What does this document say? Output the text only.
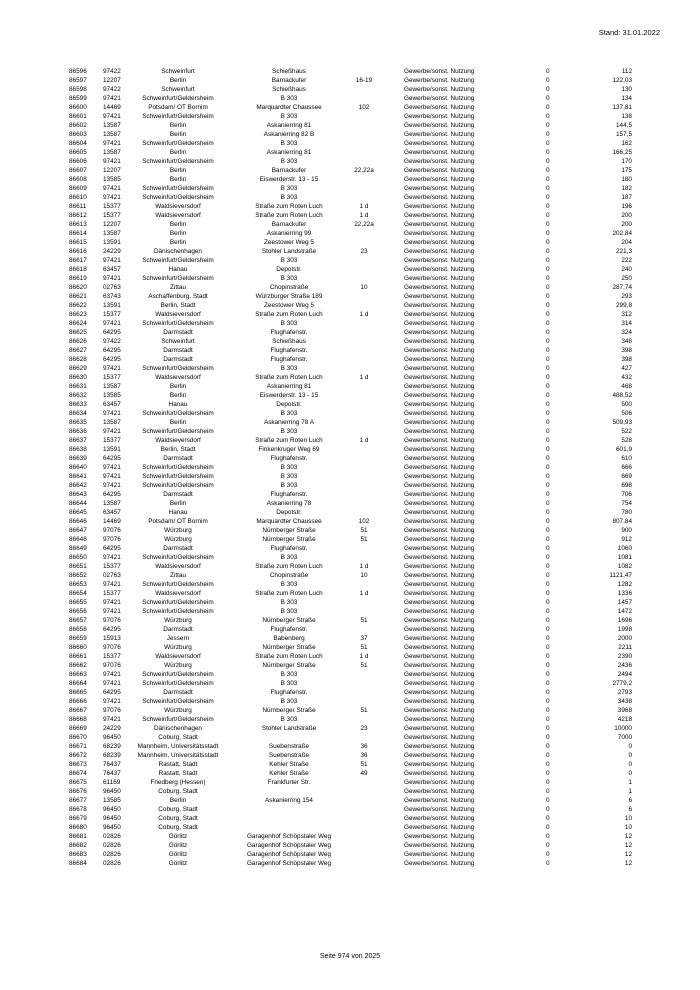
Stand: 31.01.2022
86596	97422	Schweinfurt	Schießhaus	Gewerbe/sonst. Nutzung	0	112
86597	12207	Berlin	Barnackufer	16-19	Gewerbe/sonst. Nutzung	0	122,03
86598	97422	Schweinfurt	Schießhaus	Gewerbe/sonst. Nutzung	0	130
86599	97421	Schweinfurt/Geldersheim	B 303	Gewerbe/sonst. Nutzung	0	134
86600	14469	Potsdam/ OT Bornim	Marquardter Chaussee	102	Gewerbe/sonst. Nutzung	0	137,81
86601	97421	Schweinfurt/Geldersheim	B 303	Gewerbe/sonst. Nutzung	0	138
86602	13587	Berlin	Askanierring 81	Gewerbe/sonst. Nutzung	0	144,5
86603	13587	Berlin	Askanierring 82 B	Gewerbe/sonst. Nutzung	0	157,5
86604	97421	Schweinfurt/Geldersheim	B 303	Gewerbe/sonst. Nutzung	0	162
86605	13587	Berlin	Askanierring 81	Gewerbe/sonst. Nutzung	0	166,25
86606	97421	Schweinfurt/Geldersheim	B 303	Gewerbe/sonst. Nutzung	0	170
86607	12207	Berlin	Barnackufer	22,22a	Gewerbe/sonst. Nutzung	0	175
86608	13585	Berlin	Eiswerderstr. 13 - 15	Gewerbe/sonst. Nutzung	0	180
86609	97421	Schweinfurt/Geldersheim	B 303	Gewerbe/sonst. Nutzung	0	182
86610	97421	Schweinfurt/Geldersheim	B 303	Gewerbe/sonst. Nutzung	0	187
86611	15377	Waldsieversdorf	Straße zum Roten Luch	1 d	Gewerbe/sonst. Nutzung	0	196
86612	15377	Waldsieversdorf	Straße zum Roten Luch	1 d	Gewerbe/sonst. Nutzung	0	200
86613	12207	Berlin	Barnackufer	22,22a	Gewerbe/sonst. Nutzung	0	200
86614	13587	Berlin	Askanierring 99	Gewerbe/sonst. Nutzung	0	202,84
86615	13591	Berlin	Zeestower Weg 5	Gewerbe/sonst. Nutzung	0	204
86616	24229	Dänischenhagen	Stohler Landstraße	23	Gewerbe/sonst. Nutzung	0	221,3
86617	97421	Schweinfurt/Geldersheim	B 303	Gewerbe/sonst. Nutzung	0	222
86618	63457	Hanau	Depotstr.	Gewerbe/sonst. Nutzung	0	240
86619	97421	Schweinfurt/Geldersheim	B 303	Gewerbe/sonst. Nutzung	0	250
86620	02763	Zittau	Chopinstraße	10	Gewerbe/sonst. Nutzung	0	287,74
86621	63743	Aschaffenburg, Stadt	Würzburger Straße 189	Gewerbe/sonst. Nutzung	0	293
86622	13591	Berlin, Stadt	Zeestower Weg 5	Gewerbe/sonst. Nutzung	0	299,8
86623	15377	Waldsieversdorf	Straße zum Roten Luch	1 d	Gewerbe/sonst. Nutzung	0	312
86624	97421	Schweinfurt/Geldersheim	B 303	Gewerbe/sonst. Nutzung	0	314
86625	64295	Darmstadt	Flughafenstr.	Gewerbe/sonst. Nutzung	0	324
86626	97422	Schweinfurt	Schießhaus	Gewerbe/sonst. Nutzung	0	348
86627	64295	Darmstadt	Flughafenstr.	Gewerbe/sonst. Nutzung	0	398
86628	64295	Darmstadt	Flughafenstr.	Gewerbe/sonst. Nutzung	0	398
86629	97421	Schweinfurt/Geldersheim	B 303	Gewerbe/sonst. Nutzung	0	427
86630	15377	Waldsieversdorf	Straße zum Roten Luch	1 d	Gewerbe/sonst. Nutzung	0	432
86631	13587	Berlin	Askanierring 81	Gewerbe/sonst. Nutzung	0	468
86632	13585	Berlin	Eiswerderstr. 13 - 15	Gewerbe/sonst. Nutzung	0	488,52
86633	63457	Hanau	Depotstr.	Gewerbe/sonst. Nutzung	0	500
86634	97421	Schweinfurt/Geldersheim	B 303	Gewerbe/sonst. Nutzung	0	506
86635	13587	Berlin	Askanierring 78 A	Gewerbe/sonst. Nutzung	0	509,93
86636	97421	Schweinfurt/Geldersheim	B 303	Gewerbe/sonst. Nutzung	0	522
86637	15377	Waldsieversdorf	Straße zum Roten Luch	1 d	Gewerbe/sonst. Nutzung	0	528
86638	13591	Berlin, Stadt	Finkenkruger Weg 69	Gewerbe/sonst. Nutzung	0	601,9
86639	64295	Darmstadt	Flughafenstr.	Gewerbe/sonst. Nutzung	0	610
86640	97421	Schweinfurt/Geldersheim	B 303	Gewerbe/sonst. Nutzung	0	666
86641	97421	Schweinfurt/Geldersheim	B 303	Gewerbe/sonst. Nutzung	0	669
86642	97421	Schweinfurt/Geldersheim	B 303	Gewerbe/sonst. Nutzung	0	698
86643	64295	Darmstadt	Flughafenstr.	Gewerbe/sonst. Nutzung	0	706
86644	13587	Berlin	Askanierring 78	Gewerbe/sonst. Nutzung	0	754
86645	63457	Hanau	Depotstr.	Gewerbe/sonst. Nutzung	0	780
86646	14469	Potsdam/ OT Bornim	Marquardter Chaussee	102	Gewerbe/sonst. Nutzung	0	807,84
86647	97076	Würzburg	Nürnberger Straße	51	Gewerbe/sonst. Nutzung	0	900
86648	97076	Würzburg	Nürnberger Straße	51	Gewerbe/sonst. Nutzung	0	912
86649	64295	Darmstadt	Flughafenstr.	Gewerbe/sonst. Nutzung	0	1060
86650	97421	Schweinfurt/Geldersheim	B 303	Gewerbe/sonst. Nutzung	0	1081
86651	15377	Waldsieversdorf	Straße zum Roten Luch	1 d	Gewerbe/sonst. Nutzung	0	1082
86652	02763	Zittau	Chopinstraße	10	Gewerbe/sonst. Nutzung	0	1121,47
86653	97421	Schweinfurt/Geldersheim	B 303	Gewerbe/sonst. Nutzung	0	1282
86654	15377	Waldsieversdorf	Straße zum Roten Luch	1 d	Gewerbe/sonst. Nutzung	0	1336
86655	97421	Schweinfurt/Geldersheim	B 303	Gewerbe/sonst. Nutzung	0	1457
86656	97421	Schweinfurt/Geldersheim	B 303	Gewerbe/sonst. Nutzung	0	1472
86657	97076	Würzburg	Nürnberger Straße	51	Gewerbe/sonst. Nutzung	0	1696
86658	64295	Darmstadt	Flughafenstr.	Gewerbe/sonst. Nutzung	0	1998
86659	15913	Jessern	Babenberg	37	Gewerbe/sonst. Nutzung	0	2000
86660	97076	Würzburg	Nürnberger Straße	51	Gewerbe/sonst. Nutzung	0	2211
86661	15377	Waldsieversdorf	Straße zum Roten Luch	1 d	Gewerbe/sonst. Nutzung	0	2390
86662	97076	Würzburg	Nürnberger Straße	51	Gewerbe/sonst. Nutzung	0	2436
86663	97421	Schweinfurt/Geldersheim	B 303	Gewerbe/sonst. Nutzung	0	2494
86664	97421	Schweinfurt/Geldersheim	B 303	Gewerbe/sonst. Nutzung	0	2779,2
86665	64295	Darmstadt	Flughafenstr.	Gewerbe/sonst. Nutzung	0	2793
86666	97421	Schweinfurt/Geldersheim	B 303	Gewerbe/sonst. Nutzung	0	3438
86667	97076	Würzburg	Nürnberger Straße	51	Gewerbe/sonst. Nutzung	0	3968
86668	97421	Schweinfurt/Geldersheim	B 303	Gewerbe/sonst. Nutzung	0	4218
86669	24229	Dänischenhagen	Stohler Landstraße	23	Gewerbe/sonst. Nutzung	0	10000
86670	96450	Coburg, Stadt	Gewerbe/sonst. Nutzung	0	7000
86671	68239	Mannheim, Universitätsstadt	Suebenstraße	36	Gewerbe/sonst. Nutzung	0	0
86672	68239	Mannheim, Universitätsstadt	Suebenstraße	36	Gewerbe/sonst. Nutzung	0	0
86673	76437	Rastatt, Stadt	Kehler Straße	51	Gewerbe/sonst. Nutzung	0	0
86674	76437	Rastatt, Stadt	Kehler Straße	49	Gewerbe/sonst. Nutzung	0	0
86675	61169	Friedberg (Hessen)	Frankfurter Str.	Gewerbe/sonst. Nutzung	0	1
86676	96450	Coburg, Stadt	Gewerbe/sonst. Nutzung	0	1
86677	13585	Berlin	Askanierring 154	Gewerbe/sonst. Nutzung	0	6
86678	96450	Coburg, Stadt	Gewerbe/sonst. Nutzung	0	6
86679	96450	Coburg, Stadt	Gewerbe/sonst. Nutzung	0	10
86680	96450	Coburg, Stadt	Gewerbe/sonst. Nutzung	0	10
86681	02826	Görlitz	Garagenhof Schöpstaler Weg	Gewerbe/sonst. Nutzung	0	12
86682	02826	Görlitz	Garagenhof Schöpstaler Weg	Gewerbe/sonst. Nutzung	0	12
86683	02826	Görlitz	Garagenhof Schöpstaler Weg	Gewerbe/sonst. Nutzung	0	12
86684	02826	Görlitz	Garagenhof Schöpstaler Weg	Gewerbe/sonst. Nutzung	0	12
Seite 974 von 2025
